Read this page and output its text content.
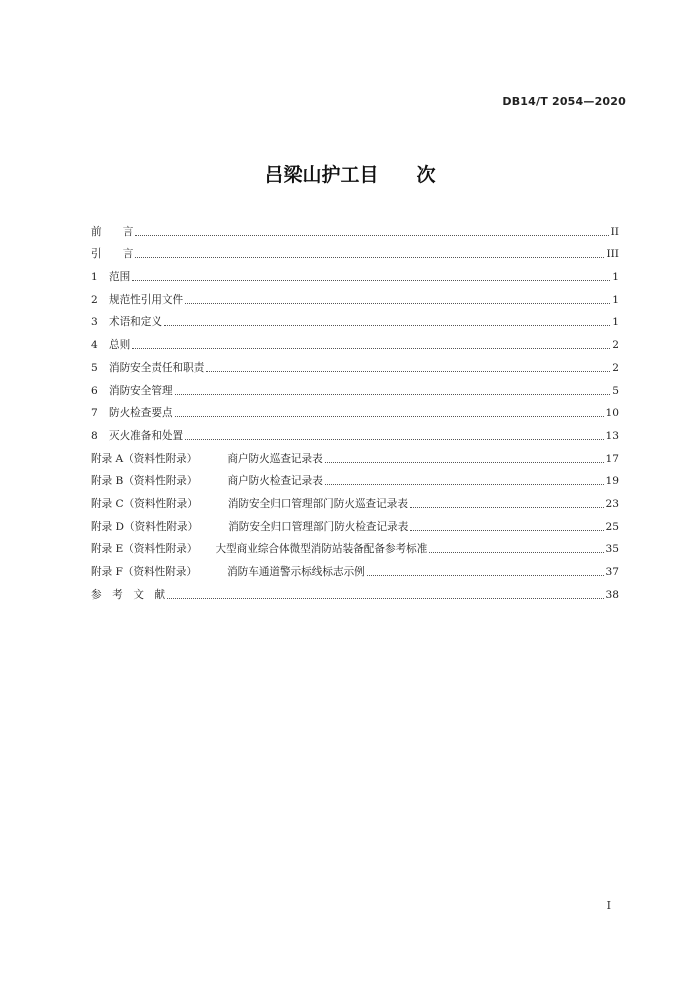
DB14/T 2054—2020
吕梁山护工目　　次
前　　言	II
引　　言	III
1	范围	1
2	规范性引用文件	1
3	术语和定义	1
4	总则	2
5	消防安全责任和职责	2
6	消防安全管理	5
7	防火检查要点	10
8	灭火准备和处置	13
附录 A（资料性附录）	商户防火巡查记录表	17
附录 B（资料性附录）	商户防火检查记录表	19
附录 C（资料性附录）	消防安全归口管理部门防火巡查记录表	23
附录 D（资料性附录）	消防安全归口管理部门防火检查记录表	25
附录 E（资料性附录） 大型商业综合体微型消防站装备配备参考标准	35
附录 F（资料性附录）	消防车通道警示标线标志示例	37
参　考　文　献	38
I
